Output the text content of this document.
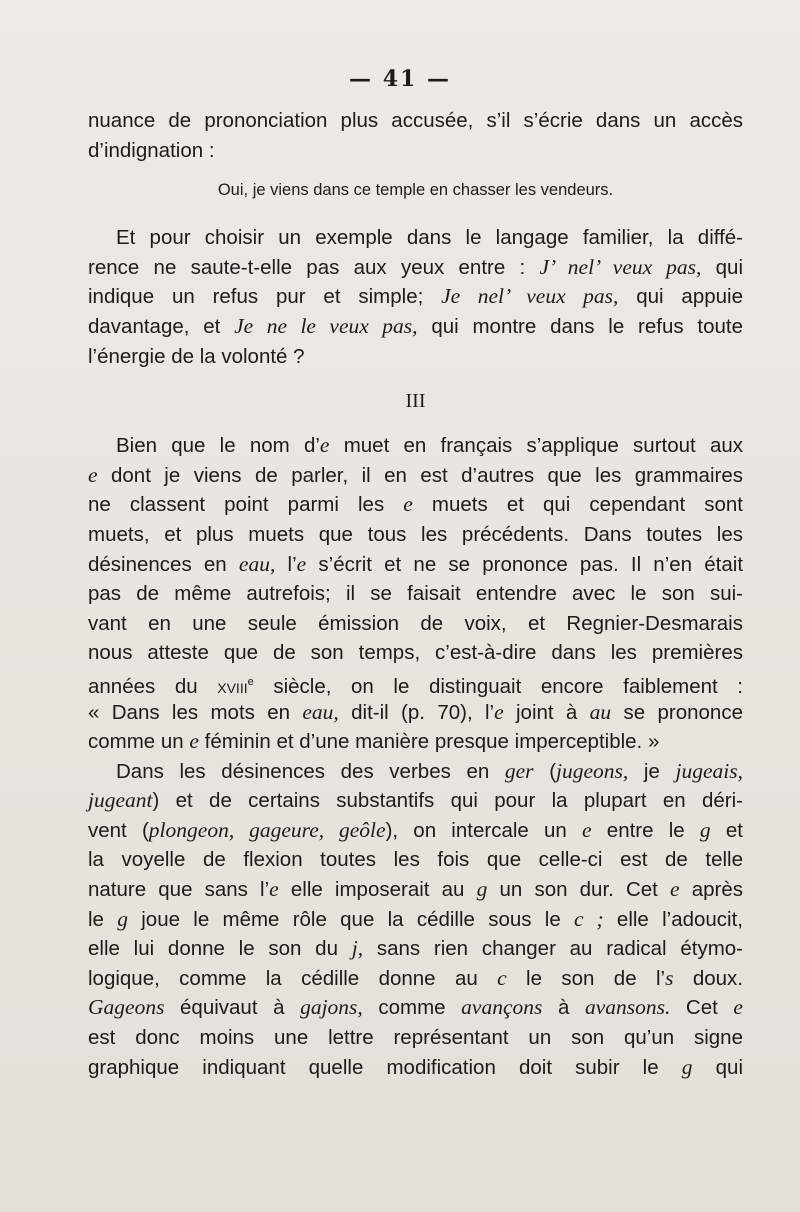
— 41 —
nuance de prononciation plus accusée, s’il s’écrie dans un accès
d’indignation :
Oui, je viens dans ce temple en chasser les vendeurs.
Et pour choisir un exemple dans le langage familier, la diffé-
rence ne saute-t-elle pas aux yeux entre : J’ nel’ veux pas, qui
indique un refus pur et simple; Je nel’ veux pas, qui appuie
davantage, et Je ne le veux pas, qui montre dans le refus toute
l’énergie de la volonté ?
III
Bien que le nom d’e muet en français s’applique surtout aux
e dont je viens de parler, il en est d’autres que les grammaires
ne classent point parmi les e muets et qui cependant sont
muets, et plus muets que tous les précédents. Dans toutes les
désinences en eau, l’e s’écrit et ne se prononce pas. Il n’en était
pas de même autrefois; il se faisait entendre avec le son sui-
vant en une seule émission de voix, et Regnier-Desmarais
nous atteste que de son temps, c’est-à-dire dans les premières
années du xviii$^e$ siècle, on le distinguait encore faiblement :
« Dans les mots en eau, dit-il (p. 70), l’e joint à au se prononce
comme un e féminin et d’une manière presque imperceptible. »
Dans les désinences des verbes en ger (jugeons, je jugeais,
jugeant) et de certains substantifs qui pour la plupart en déri-
vent (plongeon, gageure, geôle), on intercale un e entre le g et
la voyelle de flexion toutes les fois que celle-ci est de telle
nature que sans l’e elle imposerait au g un son dur. Cet e après
le g joue le même rôle que la cédille sous le c ; elle l’adoucit,
elle lui donne le son du j, sans rien changer au radical étymo-
logique, comme la cédille donne au c le son de l’s doux.
Gageons équivaut à gajons, comme avançons à avansons. Cet e
est donc moins une lettre représentant un son qu’un signe
graphique indiquant quelle modification doit subir le g qui
